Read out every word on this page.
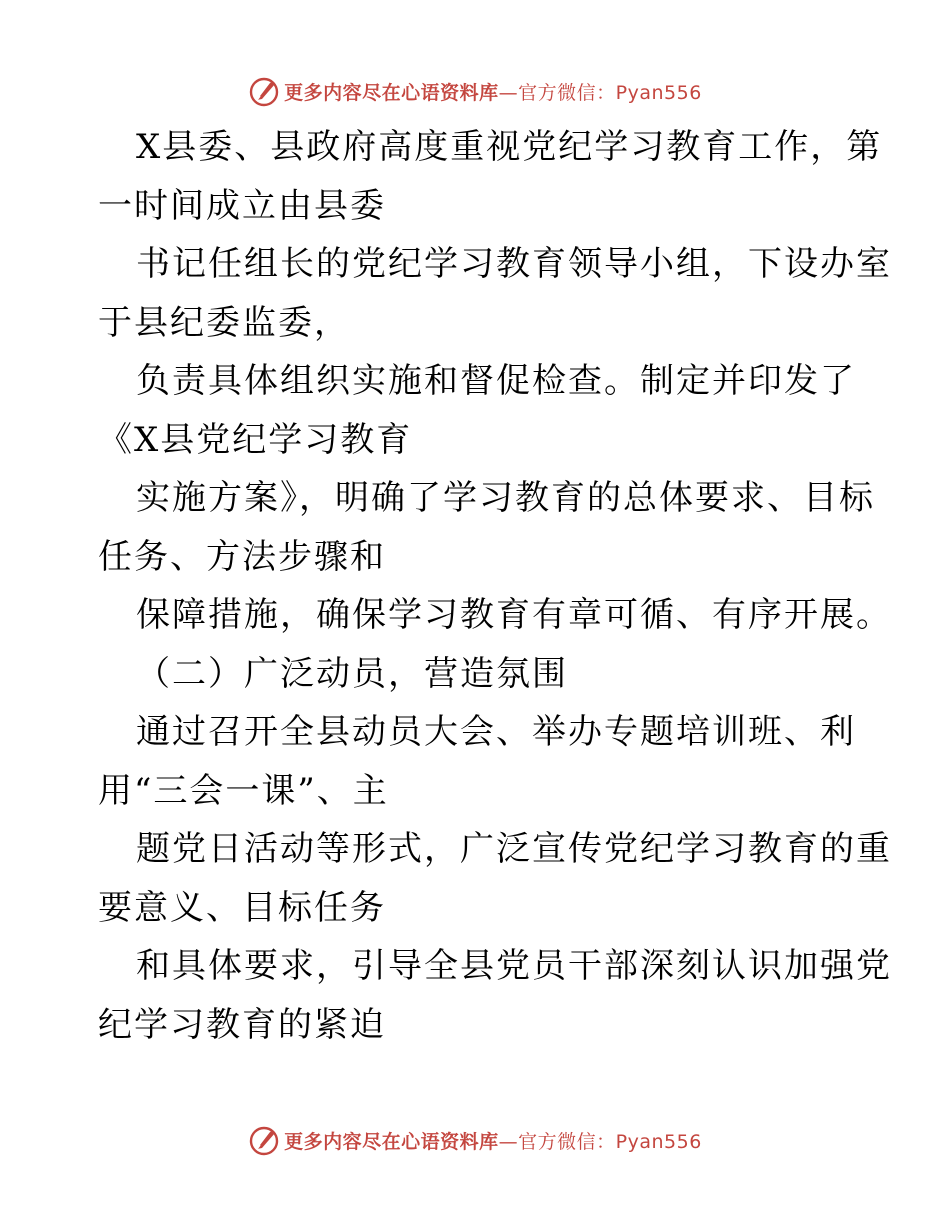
更多内容尽在心语资料库—官方微信：Pyan556
X县委、县政府高度重视党纪学习教育工作，第
一时间成立由县委
书记任组长的党纪学习教育领导小组，下设办室
于县纪委监委，
负责具体组织实施和督促检查。制定并印发了
《X县党纪学习教育
实施方案》，明确了学习教育的总体要求、目标
任务、方法步骤和
保障措施，确保学习教育有章可循、有序开展。
（二）广泛动员，营造氛围
通过召开全县动员大会、举办专题培训班、利
用“三会一课”、主
题党日活动等形式，广泛宣传党纪学习教育的重
要意义、目标任务
和具体要求，引导全县党员干部深刻认识加强党
纪学习教育的紧迫
更多内容尽在心语资料库—官方微信：Pyan556
